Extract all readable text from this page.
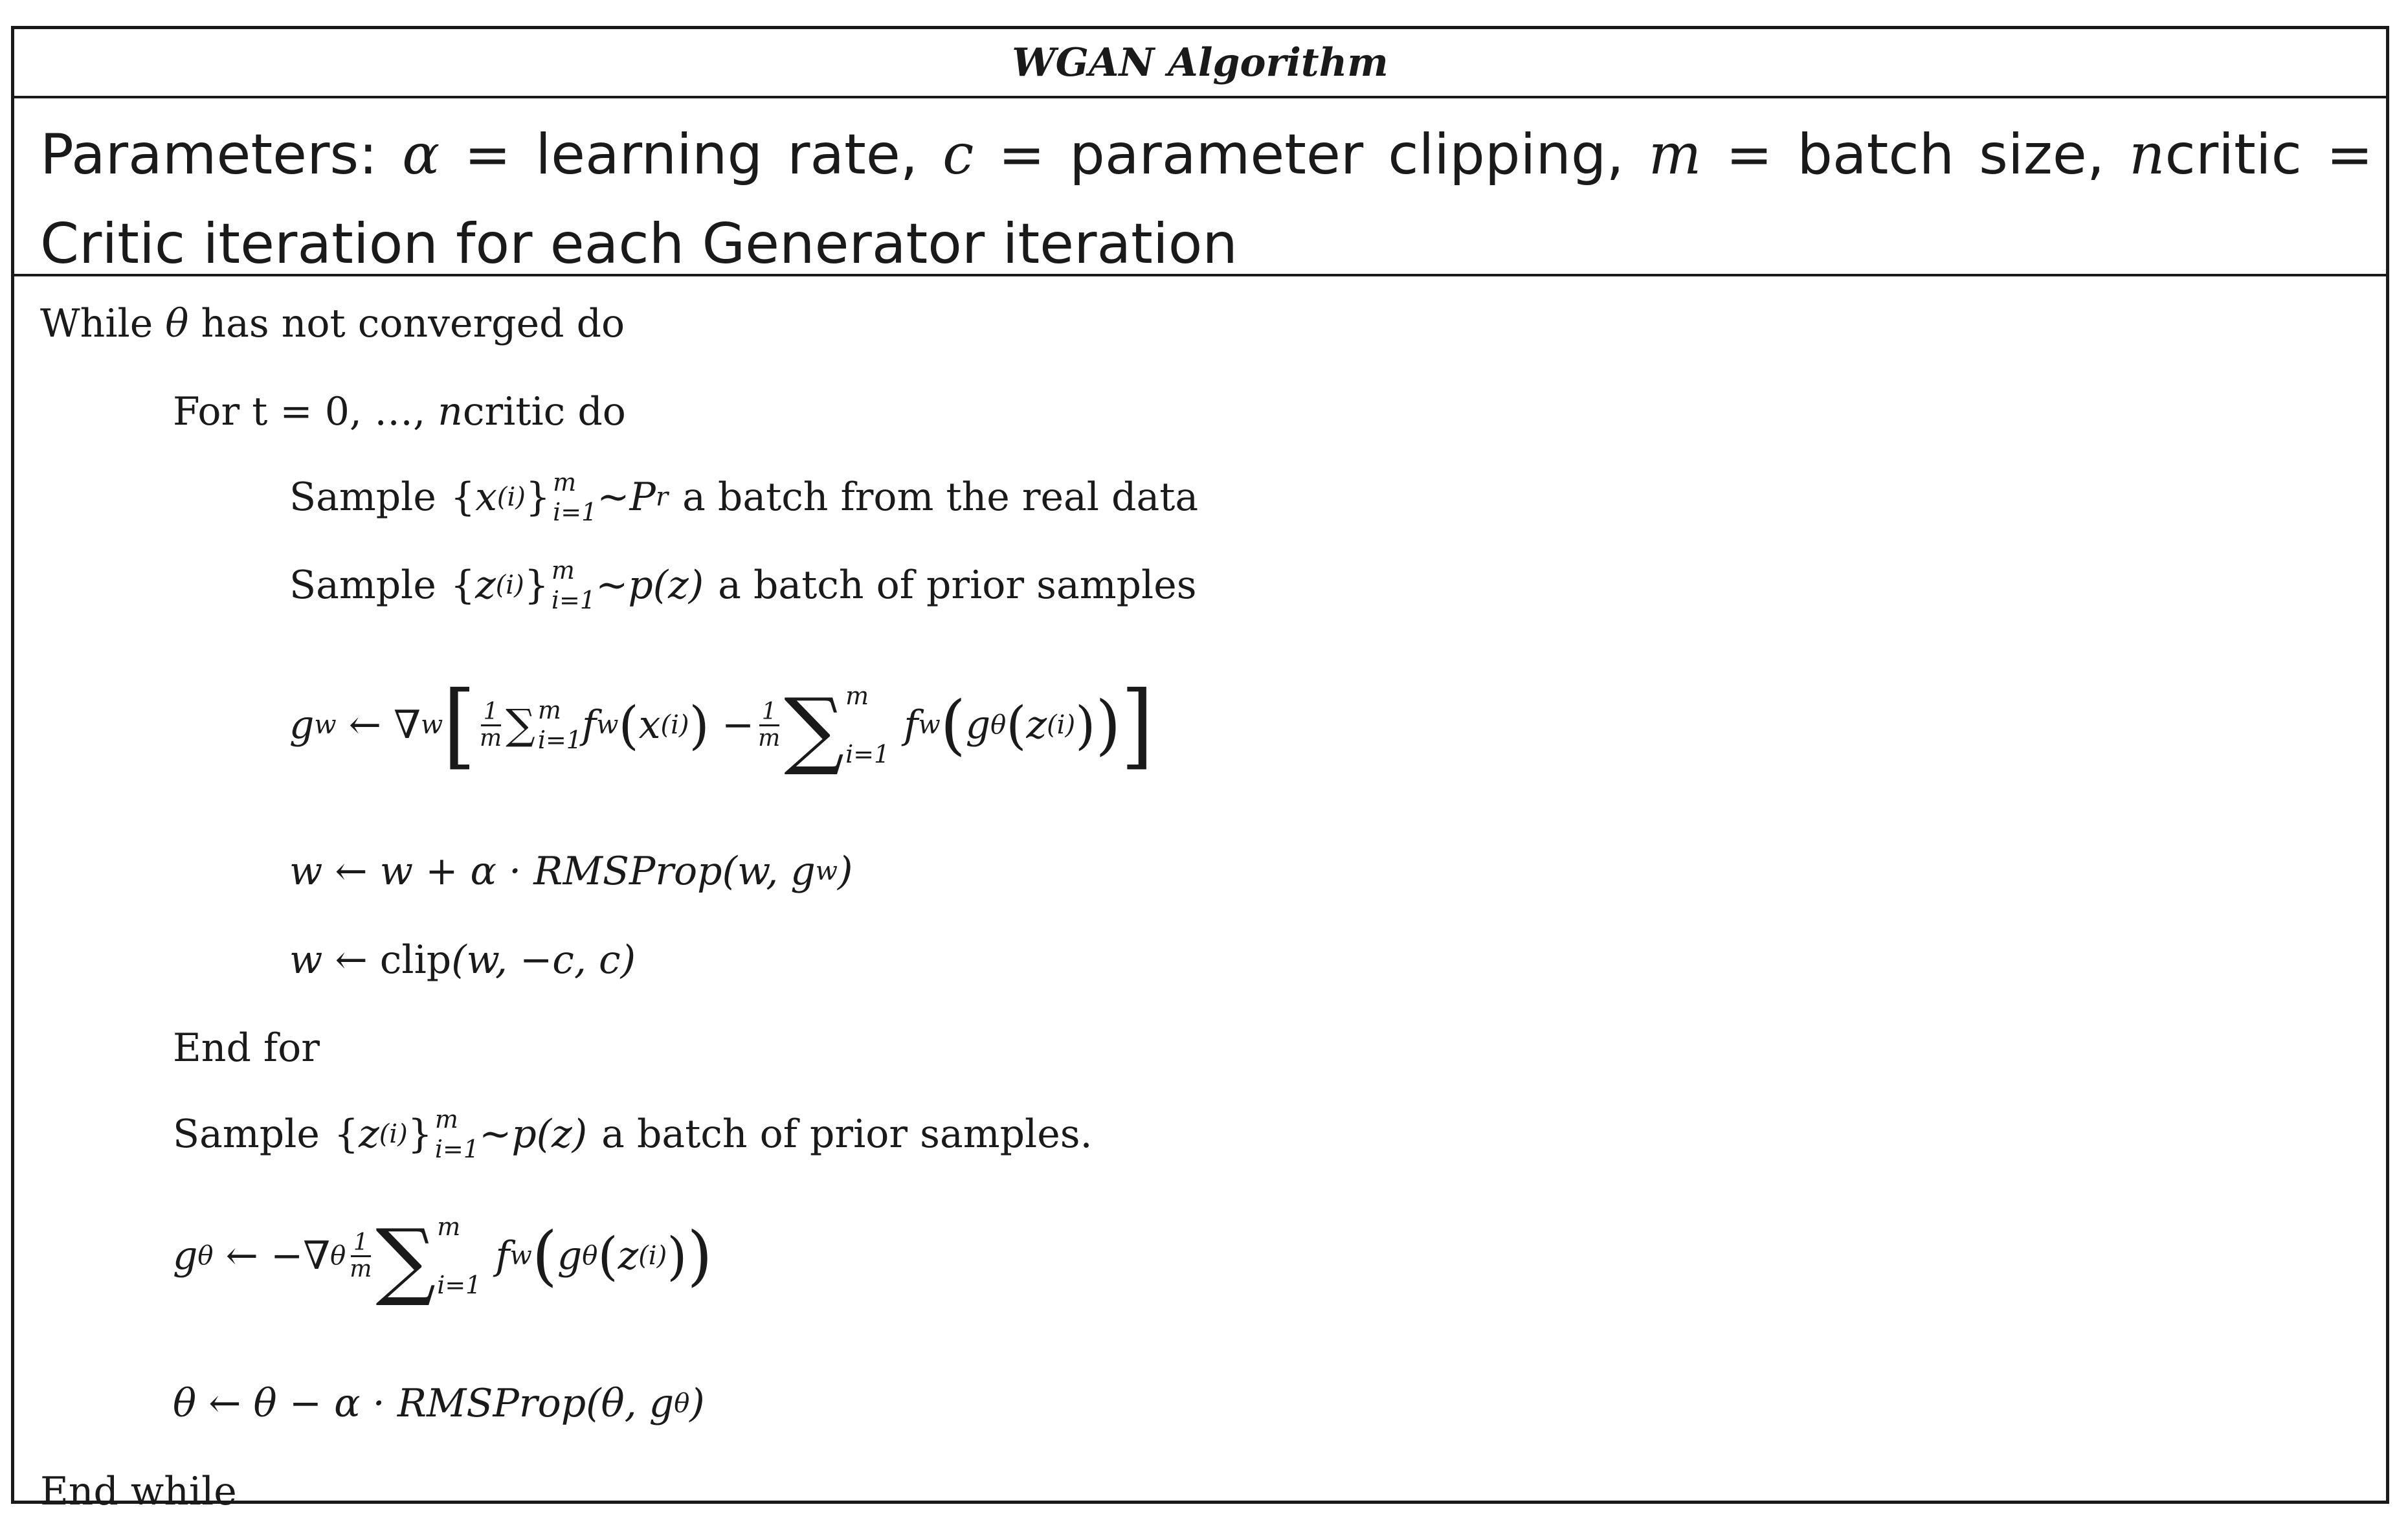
WGAN Algorithm
Parameters: α = learning rate, c = parameter clipping, m = batch size, ncritic = Critic iteration for each Generator iteration
While
θ
has not converged do
For t = 0, …,
n critic do
Sample { x (i) } m
i=1 ~P r a batch from the real data
Sample { z (i) } m
i=1 ~p(z) a batch of prior samples
g w
←
∇ w [ $\frac{1}{m}$ ∑ m
i=1 f w ( x (i) )
− $\frac{1}{m}$ ∑ m
i=1
f w ( g θ ( z (i) ) ) ]
w ← w + α · RMSProp(w, g w )
w
←
clip (w, −c, c)
End for
Sample { z (i) } m
i=1 ~p(z) a batch of prior samples.
g θ
←
− ∇ θ $\frac{1}{m}$ ∑ m
i=1
f w ( g θ ( z (i) ) )
θ ← θ − α · RMSProp(θ, g θ )
End while
